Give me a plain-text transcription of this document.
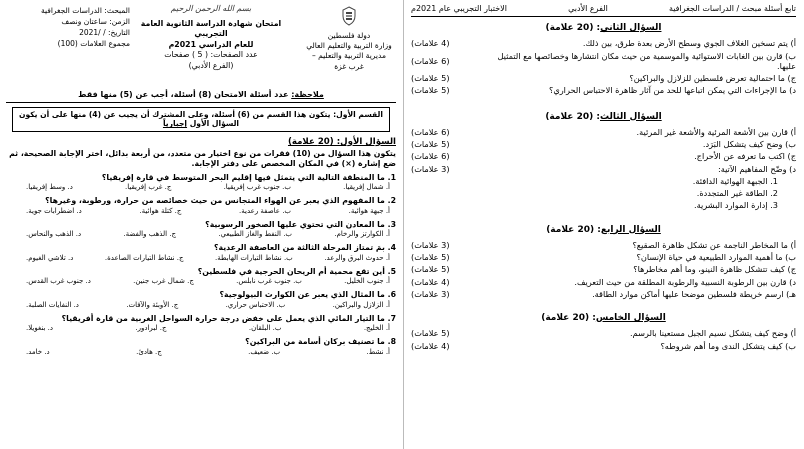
تابع أسئلة مبحث / الدراسات الجغرافية
الفرع الأدبي
الاختبار التجريبي عام 2021م
السؤال الثاني: (20 علامة)
أ) يتم تسخين الغلاف الجوي وسطح الأرض بعدة طرق، بين ذلك.
(4 علامات)
ب) قارن بين الغابات الاستوائية والموسمية من حيث مكان انتشارها وخصائصها مع التمثيل عليها.
(6 علامات)
ج) ما احتمالية تعرض فلسطين للزلازل والبراكين؟
(5 علامات)
د) ما الإجراءات التي يمكن اتباعها للحد من آثار ظاهرة الاحتباس الحراري؟
(5 علامات)
السؤال الثالث: (20 علامة)
أ) قارن بين الأشعة المرئية والأشعة غير المرئية.
(6 علامات)
ب) وضح كيف يتشكل البَرَد.
(5 علامات)
ج) اكتب ما تعرفه عن الأحراج.
(6 علامات)
د) وضّح المفاهيم الآتية:
(3 علامات)
1. الجبهة الهوائية الدافئة.
2. الطاقة غير المتجددة.
3. إدارة الموارد البشرية.
السؤال الرابع: (20 علامة)
أ) ما المخاطر الناجمة عن تشكل ظاهرة الصقيع؟
(3 علامات)
ب) ما أهمية الموارد الطبيعية في حياة الإنسان؟
(5 علامات)
ج) كيف تتشكل ظاهرة النينو، وما أهم مخاطرها؟
(5 علامات)
د) قارن بين الرطوبة النسبية والرطوبة المطلقة من حيث التعريف.
(4 علامات)
هـ) ارسم خريطة فلسطين موضحا عليها أماكن موارد الطاقة.
(3 علامات)
السؤال الخامس: (20 علامة)
أ) وضح كيف يتشكل نسيم الجبل مستعينا بالرسم.
(5 علامات)
ب) كيف يتشكل الندى وما أهم شروطه؟
(4 علامات)
دولة فلسطين
وزارة التربية والتعليم العالي
مديرية التربية والتعليم – غرب غزة
بسم الله الرحمن الرحيم
امتحان شهادة الدراسة الثانوية العامة التجريبي
للعام الدراسي 2021م
عدد الصفحات: ( 5 ) صفحات
(الفرع الأدبي)
المبحث: الدراسات الجغرافية
الزمن: ساعتان ونصف
التاريخ: / /2021
مجموع العلامات (100)
ملاحظة: عدد أسئلة الامتحان (8) أسئلة، أجب عن (5) منها فقط
القسم الأول: يتكون هذا القسم من (6) أسئلة، وعلى المشترك أن يجيب عن (4) منها على أن يكون السؤال الأول إجبارياً
السؤال الأول: (20 علامة)
يتكون هذا السؤال من (10) فقرات من نوع اختيار من متعدد، من أربعة بدائل، اختر الإجابة الصحيحة، ثم ضع إشارة (×) في المكان المخصص على دفتر الإجابة.
1. ما المنطقة التالية التي يتمثل فيها إقليم البحر المتوسط في قارة إفريقيا؟
أ. شمال إفريقيا.
ب. جنوب غرب إفريقيا.
ج. غرب إفريقيا.
د. وسط إفريقيا.
2. ما المفهوم الذي يعبر عن الهواء المتجانس من حيث خصائصه من حرارة، ورطوبة، وغيرها؟
أ. جبهة هوائية.
ب. عاصفة رعدية.
ج. كتلة هوائية.
د. اضطرابات جوية.
3. ما المعادن التي تحتوي عليها الصخور الرسوبية؟
أ. الكوارتز والرخام.
ب. النفط والغاز الطبيعي.
ج. الذهب والفضة.
د. الذهب والنحاس.
4. بمَ تمتاز المرحلة الثالثة من العاصفة الرعدية؟
أ. حدوث البرق والرعد.
ب. نشاط التيارات الهابطة.
ج. نشاط التيارات الصاعدة.
د. تلاشي الغيوم.
5. أين تقع محمية أم الريحان الحرجية في فلسطين؟
أ. جنوب الخليل.
ب. جنوب غرب نابلس.
ج. شمال غرب جنين.
د. جنوب غرب القدس.
6. ما المثال الذي يعبر عن الكوارث البيولوجية؟
أ. الزلازل والبراكين.
ب. الاحتباس حراري.
ج. الأوبئة والآفات.
د. النفايات الصلبة.
7. ما التيار المائي الذي يعمل على خفض درجة حرارة السواحل الغربية من قارة أفريقيا؟
أ. الخليج.
ب. البلقان.
ج. لبرادور.
د. بنغويلا.
8. ما تصنيف بركان أسامة من البراكين؟
أ. نشط.
ب. ضعيف.
ج. هادئ.
د. خامد.
